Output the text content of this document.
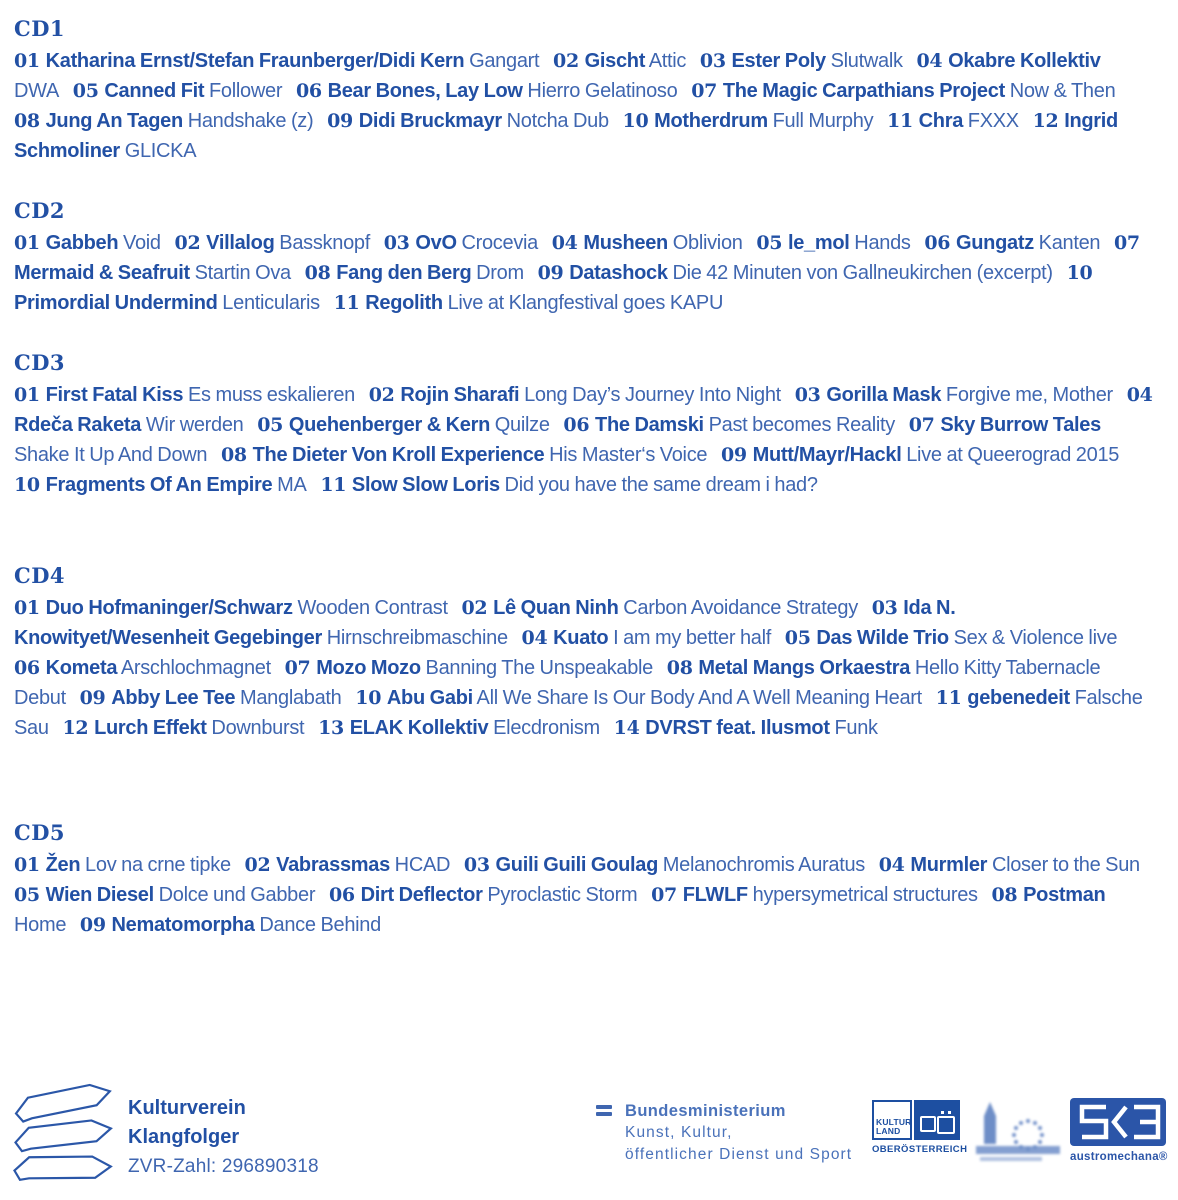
CD1
01 Katharina Ernst/Stefan Fraunberger/Didi Kern Gangart 02 Gischt Attic 03 Ester Poly Slutwalk 04 Okabre Kollektiv DWA 05 Canned Fit Follower 06 Bear Bones, Lay Low Hierro Gelatinoso 07 The Magic Carpathians Project Now & Then 08 Jung An Tagen Handshake (z) 09 Didi Bruckmayr Notcha Dub 10 Motherdrum Full Murphy 11 Chra FXXX 12 Ingrid Schmoliner GLICKA
CD2
01 Gabbeh Void 02 Villalog Bassknopf 03 OvO Crocevia 04 Musheen Oblivion 05 le_mol Hands 06 Gungatz Kanten 07 Mermaid & Seafruit Startin Ova 08 Fang den Berg Drom 09 Datashock Die 42 Minuten von Gallneukirchen (excerpt) 10 Primordial Undermind Lenticularis 11 Regolith Live at Klangfestival goes KAPU
CD3
01 First Fatal Kiss Es muss eskalieren 02 Rojin Sharafi Long Day’s Journey Into Night 03 Gorilla Mask Forgive me, Mother 04 Rdeča Raketa Wir werden 05 Quehenberger & Kern Quilze 06 The Damski Past becomes Reality 07 Sky Burrow Tales Shake It Up And Down 08 The Dieter Von Kroll Experience His Master‘s Voice 09 Mutt/Mayr/Hackl Live at Queerograd 2015 10 Fragments Of An Empire MA 11 Slow Slow Loris Did you have the same dream i had?
CD4
01 Duo Hofmaninger/Schwarz Wooden Contrast 02 Lê Quan Ninh Carbon Avoidance Strategy 03 Ida N. Knowityet/Wesenheit Gegebinger Hirnschreibmaschine 04 Kuato I am my better half 05 Das Wilde Trio Sex & Violence live 06 Kometa Arschlochmagnet 07 Mozo Mozo Banning The Unspeakable 08 Metal Mangs Orkaestra Hello Kitty Tabernacle Debut 09 Abby Lee Tee Manglabath 10 Abu Gabi All We Share Is Our Body And A Well Meaning Heart 11 gebenedeit Falsche Sau 12 Lurch Effekt Downburst 13 ELAK Kollektiv Elecdronism 14 DVRST feat. Ilusmot Funk
CD5
01 Žen Lov na crne tipke 02 Vabrassmas HCAD 03 Guili Guili Goulag Melanochromis Auratus 04 Murmler Closer to the Sun 05 Wien Diesel Dolce und Gabber 06 Dirt Deflector Pyroclastic Storm 07 FLWLF hypersymetrical structures 08 Postman Home 09 Nematomorpha Dance Behind
Kulturverein
Klangfolger
ZVR-Zahl: 296890318
Bundesministerium
Kunst, Kultur,
öffentlicher Dienst und Sport
KULTUR
LAND
OBERÖSTERREICH
austromechana®
